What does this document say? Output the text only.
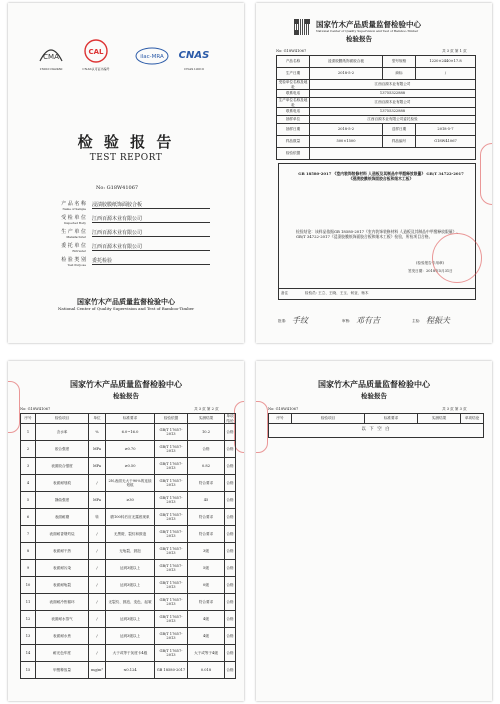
CMA
150021342460
CAL
CNAS认可证书编号
ilac-MRA CNAS
CNAS L0010
检 验 报 告
TEST REPORT
No: G18W41067
产 品 名 称
Name of Sample
浸渍胶膜纸饰面胶合板
受 检 单 位
Inspected Body
江西百源木业有限公司
生 产 单 位
Manufacturer
江西百源木业有限公司
委 托 单 位
Entruster
江西百源木业有限公司
检 验 类 别
Test Purpose
委托检验
国家竹木产品质量监督检验中心
National Center of Quality Supervision and Test of Bamboo-Timber
国家竹木产品质量监督检验中心
National Center of Quality Supervision and Test of Bamboo-Timber
检验报告
No: G18W41067	共 3 页 第 1 页
产品名称	浸渍胶膜纸饰面胶合板	型号规格	1220×2440×17.8
生产日期	2018-5-2	商标	/
受检单位名称及地址	江西百源木业有限公司		
联系电话	13755322888		
生产单位名称及地址	江西百源木业有限公司		
联系电话	13755322888		
抽样单位	江西百源木业有限公司委托检验		
抽样日期	2018-5-2	送样日期	2018-5-7
样品数量	500×1500	样品编号	G18W41067
检验依据			
GB 18580-2017 《室内装饰装修材料 人造板及其制品中甲醛释放限量》 GB/T 34722-2017 《浸渍胶膜纸饰面胶合板和细木工板》
检验结论：该样品依据GB 18580-2017《室内装饰装修材料 人造板及其制品中甲醛释放限量》、GB/T 34722-2017《浸渍胶膜纸饰面胶合板和细木工板》检验，所检项目合格。
(检验报告专用章)
签发日期：2018年5月31日
备注	检验员: 王立、王晓、王玉、何亚、杨木
批准: 手纹	审核: 邓有吉	主检: 程振夫
国家竹木产品质量监督检验中心
检验报告
No: G18W41067	共 3 页 第 2 页
序号	检验项目	单位	标准要求	检验依据	实测结果	单项结论
1	含水率	%	6.0~16.0	GB/T 17657-2013	10.2	合格
2	胶合强度	MPa	≥0.70	GB/T 17657-2013	合格	合格
3	表面胶合强度	MPa	≥0.50	GB/T 17657-2013	0.82	合格
4	表面耐划痕	/	2N,表面无大于90%的连续划痕	GB/T 17657-2013	符合要求	合格
5	静曲强度	MPa	≥30	GB/T 17657-2013	45	合格
6	表面耐磨	转	磨100转后应无露底现象	GB/T 17657-2013	符合要求	合格
7	表面耐香烟灼烧	/	无黑斑、裂纹和鼓泡	GB/T 17657-2013	符合要求	合格
8	表面耐干热	/	无龟裂、鼓泡	GB/T 17657-2013	3级	合格
9	表面耐污染	/	达到3级以上	GB/T 17657-2013	5级	合格
10	表面耐龟裂	/	达到3级以上	GB/T 17657-2013	0级	合格
11	表面耐冷热循环	/	无裂纹、鼓泡、变色、起皱	GB/T 17657-2013	符合要求	合格
12	表面耐水蒸气	/	达到3级以上	GB/T 17657-2013	4级	合格
13	表面耐水煮	/	达到3级以上	GB/T 17657-2013	4级	合格
14	耐光色牢度	/	大于或等于灰度卡4级	GB/T 17657-2013	大于或等于4级	合格
15	甲醛释放量	mg/m³	≤0.124	GB 18580-2017	0.018	合格
国家竹木产品质量监督检验中心
检验报告
No: G18W41067	共 3 页 第 3 页
序号	检验项目	标准要求	实测结果	单项结论
以 下 空 白
